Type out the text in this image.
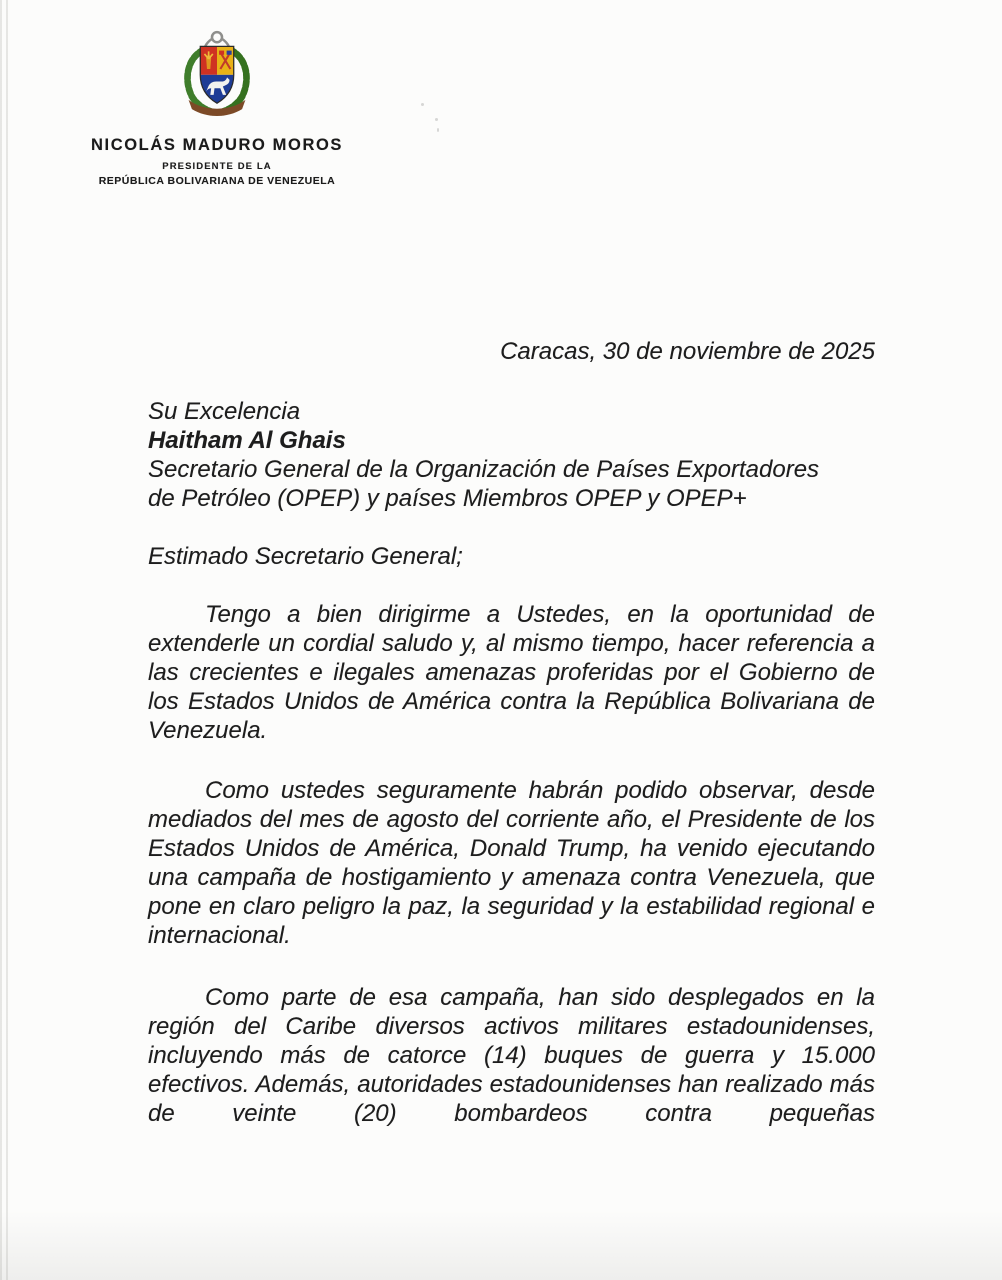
NICOLÁS MADURO MOROS
PRESIDENTE DE LA
REPÚBLICA BOLIVARIANA DE VENEZUELA
Caracas, 30 de noviembre de 2025
Su Excelencia
Haitham Al Ghais
Secretario General de la Organización de Países Exportadores
de Petróleo (OPEP) y países Miembros OPEP y OPEP+
Estimado Secretario General;

Tengo a bien dirigirme a Ustedes, en la oportunidad de extenderle un cordial saludo y, al mismo tiempo, hacer referencia a las crecientes e ilegales amenazas proferidas por el Gobierno de los Estados Unidos de América contra la República Bolivariana de Venezuela.

Como ustedes seguramente habrán podido observar, desde mediados del mes de agosto del corriente año, el Presidente de los Estados Unidos de América, Donald Trump, ha venido ejecutando una campaña de hostigamiento y amenaza contra Venezuela, que pone en claro peligro la paz, la seguridad y la estabilidad regional e internacional.

Como parte de esa campaña, han sido desplegados en la región del Caribe diversos activos militares estadounidenses, incluyendo más de catorce (14) buques de guerra y 15.000 efectivos. Además, autoridades estadounidenses han realizado más de veinte (20) bombardeos contra pequeñas
